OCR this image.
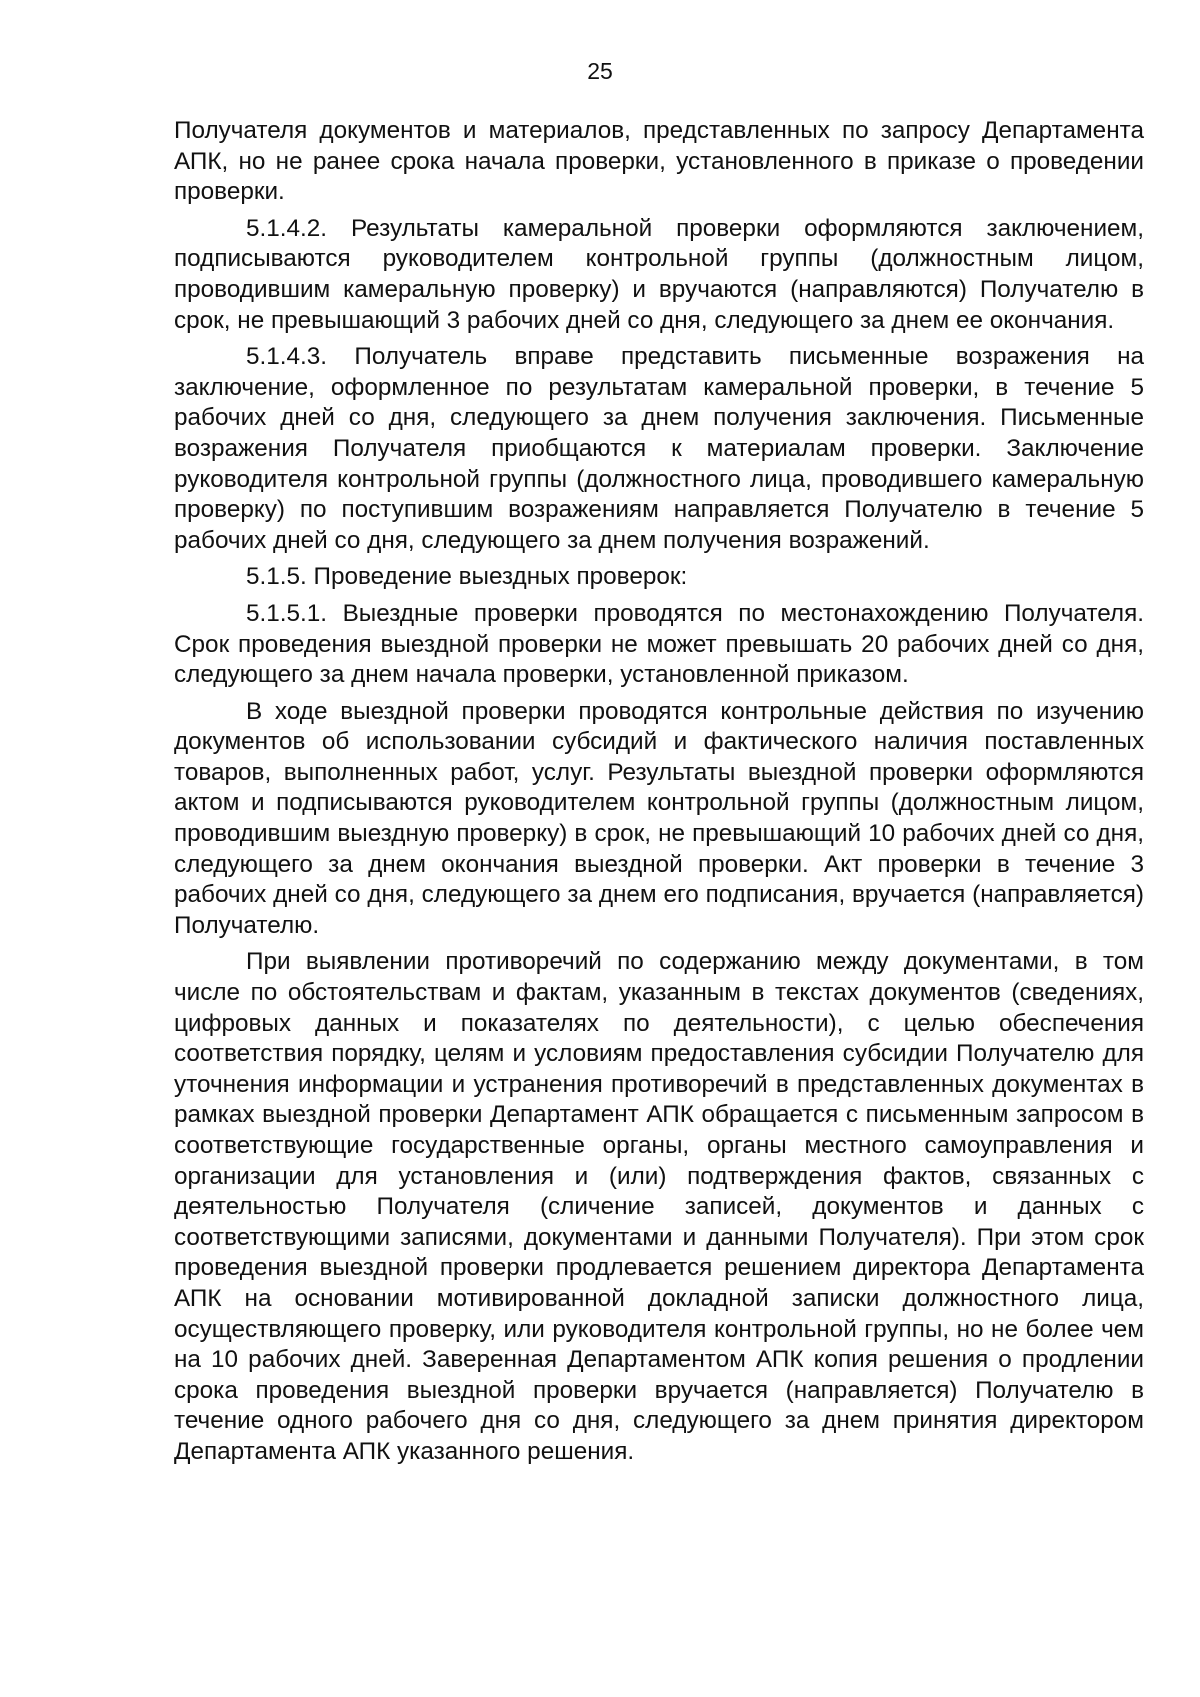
25

Получателя документов и материалов, представленных по запросу Департамента АПК, но не ранее срока начала проверки, установленного в приказе о проведении проверки.

5.1.4.2. Результаты камеральной проверки оформляются заключением, подписываются руководителем контрольной группы (должностным лицом, проводившим камеральную проверку) и вручаются (направляются) Получателю в срок, не превышающий 3 рабочих дней со дня, следующего за днем ее окончания.

5.1.4.3. Получатель вправе представить письменные возражения на заключение, оформленное по результатам камеральной проверки, в течение 5 рабочих дней со дня, следующего за днем получения заключения. Письменные возражения Получателя приобщаются к материалам проверки. Заключение руководителя контрольной группы (должностного лица, проводившего камеральную проверку) по поступившим возражениям направляется Получателю в течение 5 рабочих дней со дня, следующего за днем получения возражений.

5.1.5. Проведение выездных проверок:

5.1.5.1. Выездные проверки проводятся по местонахождению Получателя. Срок проведения выездной проверки не может превышать 20 рабочих дней со дня, следующего за днем начала проверки, установленной приказом.

В ходе выездной проверки проводятся контрольные действия по изучению документов об использовании субсидий и фактического наличия поставленных товаров, выполненных работ, услуг. Результаты выездной проверки оформляются актом и подписываются руководителем контрольной группы (должностным лицом, проводившим выездную проверку) в срок, не превышающий 10 рабочих дней со дня, следующего за днем окончания выездной проверки. Акт проверки в течение 3 рабочих дней со дня, следующего за днем его подписания, вручается (направляется) Получателю.

При выявлении противоречий по содержанию между документами, в том числе по обстоятельствам и фактам, указанным в текстах документов (сведениях, цифровых данных и показателях по деятельности), с целью обеспечения соответствия порядку, целям и условиям предоставления субсидии Получателю для уточнения информации и устранения противоречий в представленных документах в рамках выездной проверки Департамент АПК обращается с письменным запросом в соответствующие государственные органы, органы местного самоуправления и организации для установления и (или) подтверждения фактов, связанных с деятельностью Получателя (сличение записей, документов и данных с соответствующими записями, документами и данными Получателя). При этом срок проведения выездной проверки продлевается решением директора Департамента АПК на основании мотивированной докладной записки должностного лица, осуществляющего проверку, или руководителя контрольной группы, но не более чем на 10 рабочих дней. Заверенная Департаментом АПК копия решения о продлении срока проведения выездной проверки вручается (направляется) Получателю в течение одного рабочего дня со дня, следующего за днем принятия директором Департамента АПК указанного решения.
